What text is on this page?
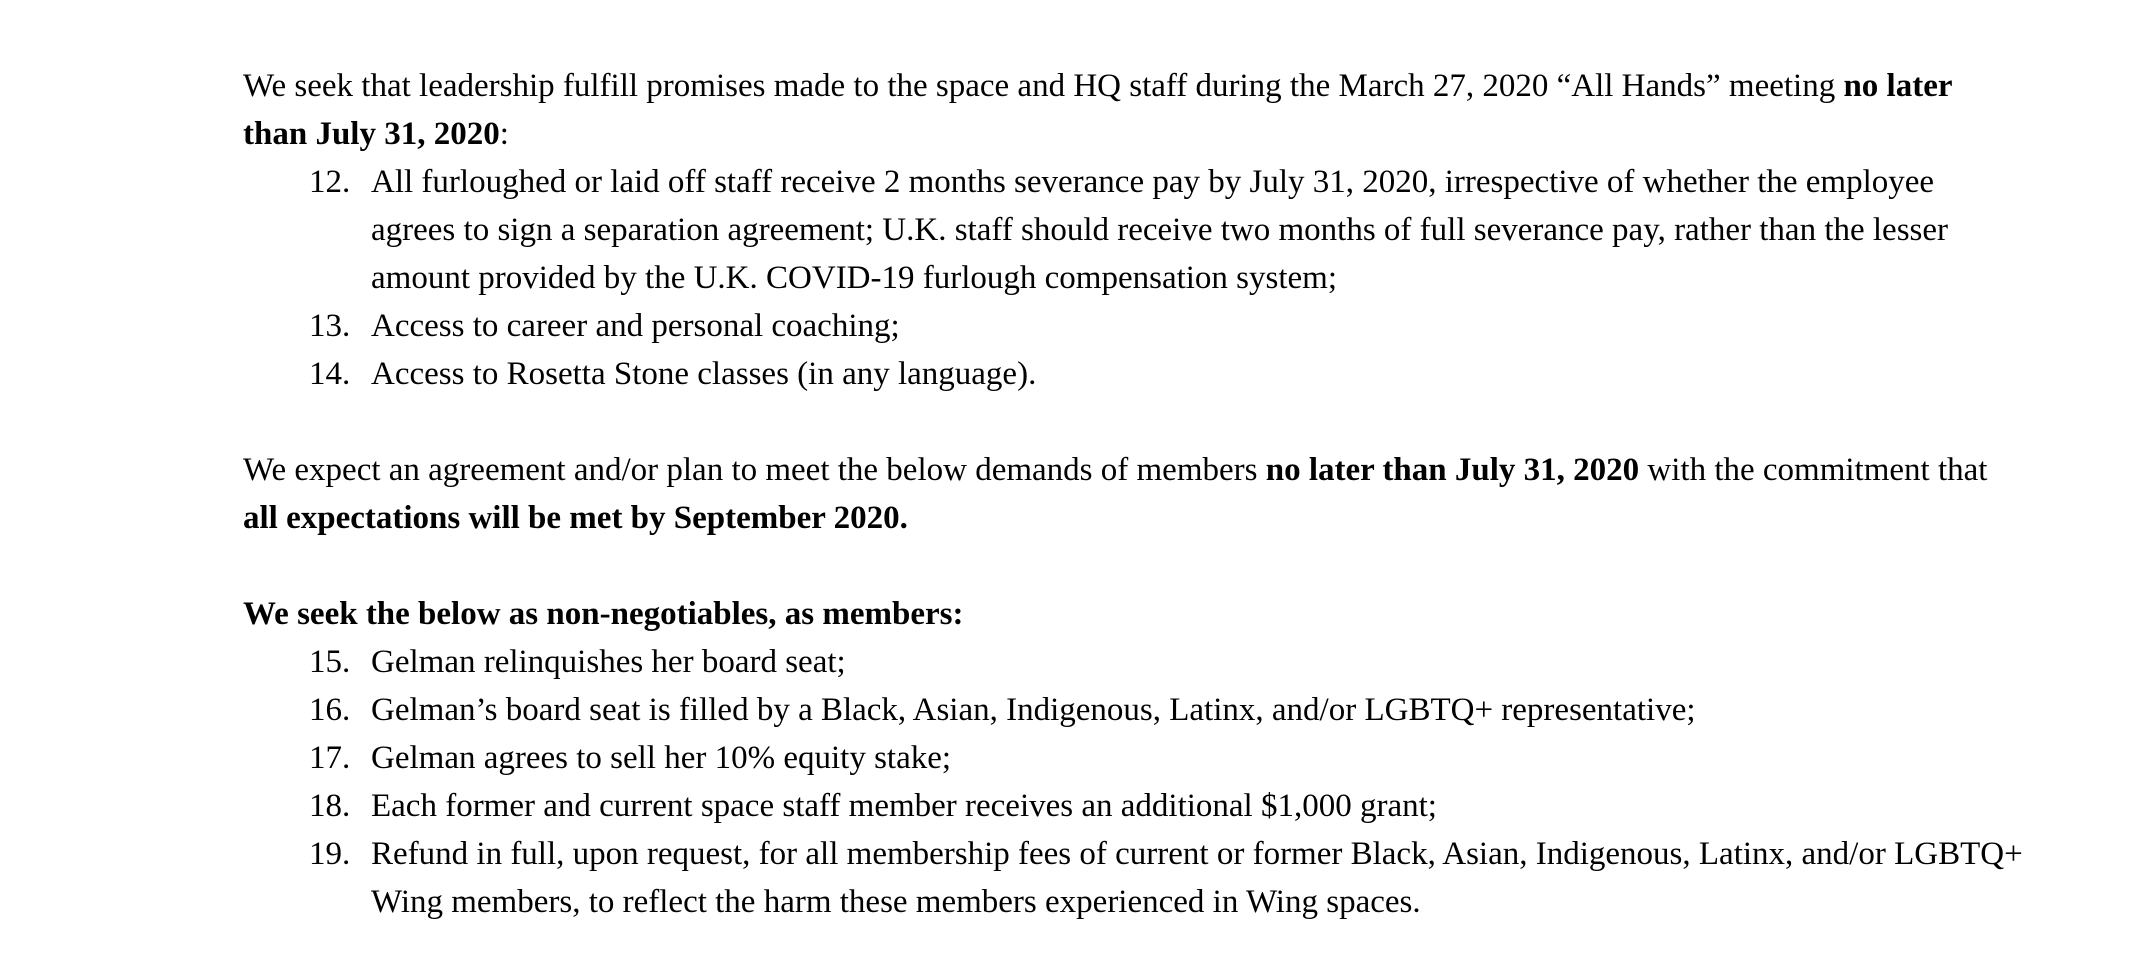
We seek that leadership fulfill promises made to the space and HQ staff during the March 27, 2020 “All Hands” meeting no later than July 31, 2020:

12. All furloughed or laid off staff receive 2 months severance pay by July 31, 2020, irrespective of whether the employee agrees to sign a separation agreement; U.K. staff should receive two months of full severance pay, rather than the lesser amount provided by the U.K. COVID-19 furlough compensation system;
13. Access to career and personal coaching;
14. Access to Rosetta Stone classes (in any language).

We expect an agreement and/or plan to meet the below demands of members no later than July 31, 2020 with the commitment that all expectations will be met by September 2020.

We seek the below as non-negotiables, as members:

15. Gelman relinquishes her board seat;
16. Gelman’s board seat is filled by a Black, Asian, Indigenous, Latinx, and/or LGBTQ+ representative;
17. Gelman agrees to sell her 10% equity stake;
18. Each former and current space staff member receives an additional $1,000 grant;
19. Refund in full, upon request, for all membership fees of current or former Black, Asian, Indigenous, Latinx, and/or LGBTQ+ Wing members, to reflect the harm these members experienced in Wing spaces.
